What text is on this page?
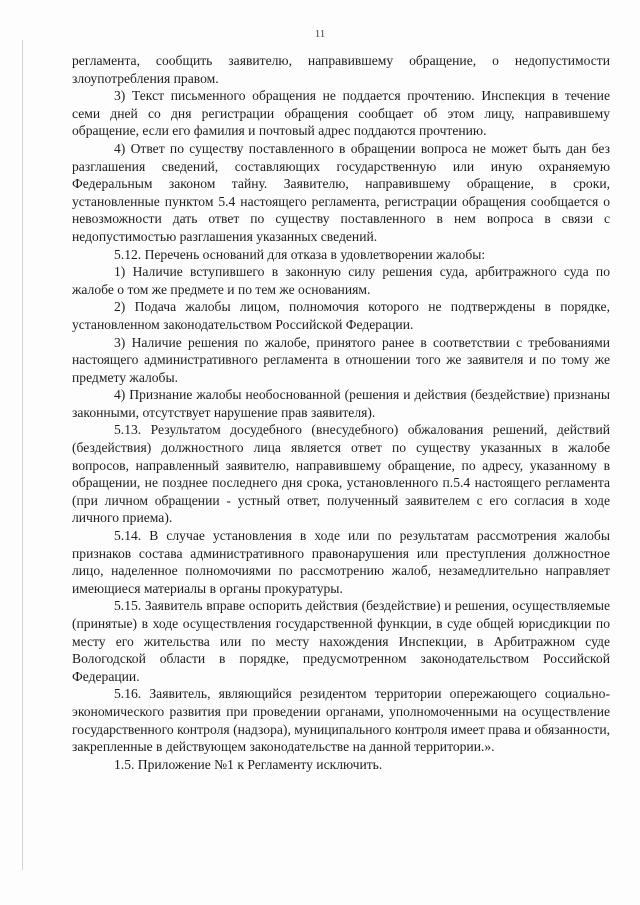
11

регламента, сообщить заявителю, направившему обращение, о недопустимости злоупотребления правом.

3) Текст письменного обращения не поддается прочтению. Инспекция в течение семи дней со дня регистрации обращения сообщает об этом лицу, направившему обращение, если его фамилия и почтовый адрес поддаются прочтению.

4) Ответ по существу поставленного в обращении вопроса не может быть дан без разглашения сведений, составляющих государственную или иную охраняемую Федеральным законом тайну. Заявителю, направившему обращение, в сроки, установленные пунктом 5.4 настоящего регламента, регистрации обращения сообщается о невозможности дать ответ по существу поставленного в нем вопроса в связи с недопустимостью разглашения указанных сведений.

5.12. Перечень оснований для отказа в удовлетворении жалобы:

1) Наличие вступившего в законную силу решения суда, арбитражного суда по жалобе о том же предмете и по тем же основаниям.

2) Подача жалобы лицом, полномочия которого не подтверждены в порядке, установленном законодательством Российской Федерации.

3) Наличие решения по жалобе, принятого ранее в соответствии с требованиями настоящего административного регламента в отношении того же заявителя и по тому же предмету жалобы.

4) Признание жалобы необоснованной (решения и действия (бездействие) признаны законными, отсутствует нарушение прав заявителя).

5.13. Результатом досудебного (внесудебного) обжалования решений, действий (бездействия) должностного лица является ответ по существу указанных в жалобе вопросов, направленный заявителю, направившему обращение, по адресу, указанному в обращении, не позднее последнего дня срока, установленного п.5.4 настоящего регламента (при личном обращении - устный ответ, полученный заявителем с его согласия в ходе личного приема).

5.14. В случае установления в ходе или по результатам рассмотрения жалобы признаков состава административного правонарушения или преступления должностное лицо, наделенное полномочиями по рассмотрению жалоб, незамедлительно направляет имеющиеся материалы в органы прокуратуры.

5.15. Заявитель вправе оспорить действия (бездействие) и решения, осуществляемые (принятые) в ходе осуществления государственной функции, в суде общей юрисдикции по месту его жительства или по месту нахождения Инспекции, в Арбитражном суде Вологодской области в порядке, предусмотренном законодательством Российской Федерации.

5.16. Заявитель, являющийся резидентом территории опережающего социально-экономического развития при проведении органами, уполномоченными на осуществление государственного контроля (надзора), муниципального контроля имеет права и обязанности, закрепленные в действующем законодательстве на данной территории.».

1.5. Приложение №1 к Регламенту исключить.
